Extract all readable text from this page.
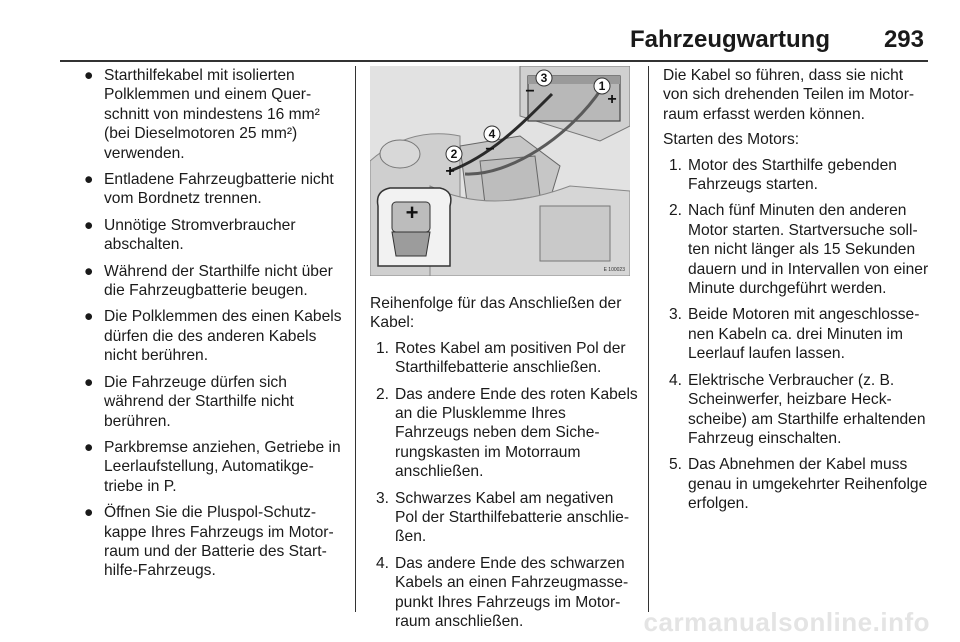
Fahrzeugwartung 293
● Starthilfekabel mit isolierten Polklemmen und einem Querschnitt von mindestens 16 mm² (bei Dieselmotoren 25 mm²) verwenden.
● Entladene Fahrzeugbatterie nicht vom Bordnetz trennen.
● Unnötige Stromverbraucher abschalten.
● Während der Starthilfe nicht über die Fahrzeugbatterie beugen.
● Die Polklemmen des einen Kabels dürfen die des anderen Kabels nicht berühren.
● Die Fahrzeuge dürfen sich während der Starthilfe nicht berühren.
● Parkbremse anziehen, Getriebe in Leerlaufstellung, Automatikgetriebe in P.
● Öffnen Sie die Pluspol-Schutzkappe Ihres Fahrzeugs im Motorraum und der Batterie des Starthilfe-Fahrzeugs.
1
2
3
4
+
−
+
−
+
E 100023

Reihenfolge für das Anschließen der Kabel:

1. Rotes Kabel am positiven Pol der Starthilfebatterie anschließen.
2. Das andere Ende des roten Kabels an die Plusklemme Ihres Fahrzeugs neben dem Sicherungskasten im Motorraum anschließen.
3. Schwarzes Kabel am negativen Pol der Starthilfebatterie anschließen.
4. Das andere Ende des schwarzen Kabels an einen Fahrzeugmassepunkt Ihres Fahrzeugs im Motorraum anschließen.

Die Kabel so führen, dass sie nicht von sich drehenden Teilen im Motorraum erfasst werden können.

Starten des Motors:

1. Motor des Starthilfe gebenden Fahrzeugs starten.
2. Nach fünf Minuten den anderen Motor starten. Startversuche sollten nicht länger als 15 Sekunden dauern und in Intervallen von einer Minute durchgeführt werden.
3. Beide Motoren mit angeschlossenen Kabeln ca. drei Minuten im Leerlauf laufen lassen.
4. Elektrische Verbraucher (z. B. Scheinwerfer, heizbare Heckscheibe) am Starthilfe erhaltenden Fahrzeug einschalten.
5. Das Abnehmen der Kabel muss genau in umgekehrter Reihenfolge erfolgen.
carmanualsonline.info
